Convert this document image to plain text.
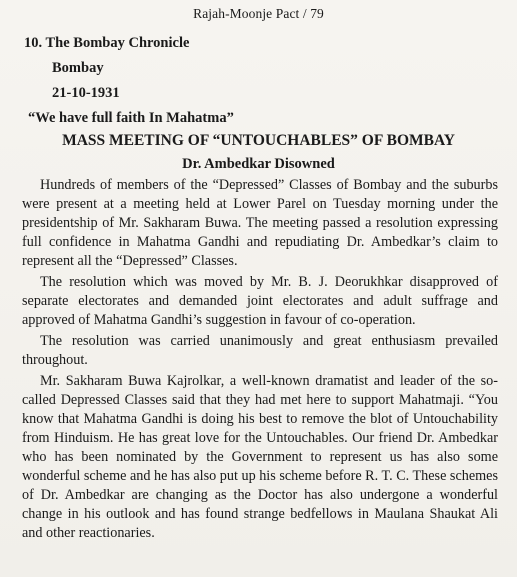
Rajah-Moonje Pact / 79
10. The Bombay Chronicle
Bombay
21-10-1931
“We have full faith In Mahatma”
MASS MEETING OF “UNTOUCHABLES” OF BOMBAY
Dr. Ambedkar Disowned

Hundreds of members of the “Depressed” Classes of Bombay and the suburbs were present at a meeting held at Lower Parel on Tuesday morning under the presidentship of Mr. Sakharam Buwa. The meeting passed a resolution expressing full confidence in Mahatma Gandhi and repudiating Dr. Ambedkar’s claim to represent all the “Depressed” Classes.

The resolution which was moved by Mr. B. J. Deorukhkar disapproved of separate electorates and demanded joint electorates and adult suffrage and approved of Mahatma Gandhi’s suggestion in favour of co-operation.

The resolution was carried unanimously and great enthusiasm prevailed throughout.

Mr. Sakharam Buwa Kajrolkar, a well-known dramatist and leader of the so-called Depressed Classes said that they had met here to support Mahatmaji. “You know that Mahatma Gandhi is doing his best to remove the blot of Untouchability from Hinduism. He has great love for the Untouchables. Our friend Dr. Ambedkar who has been nominated by the Government to represent us has also some wonderful scheme and he has also put up his scheme before R. T. C. These schemes of Dr. Ambedkar are changing as the Doctor has also undergone a wonderful change in his outlook and has found strange bedfellows in Maulana Shaukat Ali and other reactionaries.
